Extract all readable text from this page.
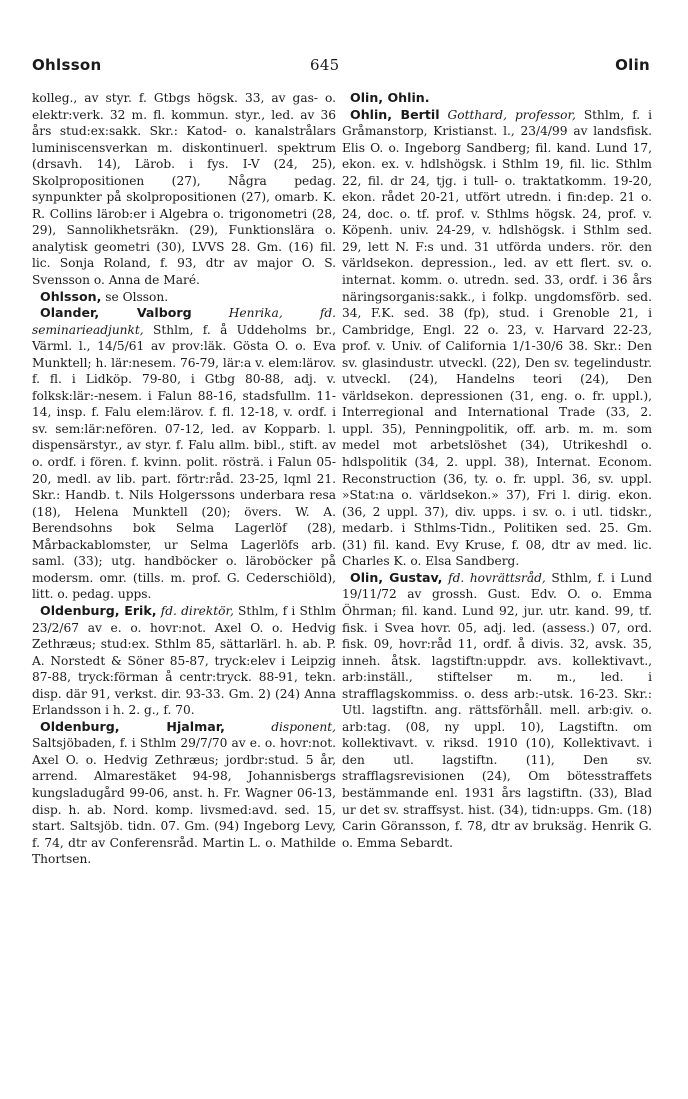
Ohlsson	645	Olin

kolleg., av styr. f. Gtbgs högsk. 33, av gas- o. elektr:verk. 32 m. fl. kommun. styr., led. av 36 års stud:ex:sakk. Skr.: Katod- o. kanalstrålars luminiscensverkan m. diskontinuerl. spektrum (drsavh. 14), Lärob. i fys. I-V (24, 25), Skolpropositionen (27), Några pedag. synpunkter på skolpropositionen (27), omarb. K. R. Collins lärob:er i Algebra o. trigonometri (28, 29), Sannolikhetsräkn. (29), Funktionslära o. analytisk geometri (30), LVVS 28. Gm. (16) fil. lic. Sonja Roland, f. 93, dtr av major O. S. Svensson o. Anna de Maré.

Ohlsson, se Olsson.

Olander, Valborg	Henrika, fd. seminarieadjunkt, Sthlm, f. å Uddeholms br., Värml. l., 14/5/61 av prov:läk. Gösta O. o. Eva Munktell; h. lär:nesem. 76-79, lär:a v. elem:lärov. f. fl. i Lidköp. 79-80, i Gtbg 80-88, adj. v. folksk:lär:-nesem. i Falun 88-16, stadsfullm. 11-14, insp. f. Falu elem:lärov. f. fl. 12-18, v. ordf. i sv. sem:lär:nefören. 07-12, led. av Kopparb. l. dispensärstyr., av styr. f. Falu allm. bibl., stift. av o. ordf. i fören. f. kvinn. polit. rösträ. i Falun 05-20, medl. av lib. part. förtr:råd. 23-25, lqml 21. Skr.: Handb. t. Nils Holgerssons underbara resa (18), Helena Munktell (20); övers. W. A. Berendsohns bok Selma Lagerlöf (28), Mårbackablomster, ur Selma Lagerlöfs arb. saml. (33); utg. handböcker o. läroböcker på modersm. omr. (tills. m. prof. G. Cederschiöld), litt. o. pedag. upps.

Oldenburg, Erik, fd. direktör, Sthlm, f i Sthlm 23/2/67 av e. o. hovr:not. Axel O. o. Hedvig Zethræus; stud:ex. Sthlm 85, sättarlärl. h. ab. P. A. Norstedt & Söner 85-87, tryck:elev i Leipzig 87-88, tryck:förman å centr:tryck. 88-91, tekn. disp. där 91, verkst. dir. 93-33. Gm. 2) (24) Anna Erlandsson i h. 2. g., f. 70.

Oldenburg, Hjalmar,	disponent, Saltsjöbaden, f. i Sthlm 29/7/70 av e. o. hovr:not. Axel O. o. Hedvig Zethræus; jordbr:stud. 5 år, arrend. Almarestäket 94-98, Johannisbergs kungsladugård 99-06, anst. h. Fr. Wagner 06-13, disp. h. ab. Nord. komp. livsmed:avd. sed. 15, start. Saltsjöb. tidn. 07. Gm. (94) Ingeborg Levy, f. 74, dtr av Conferensråd. Martin L. o. Mathilde Thortsen.

Olin, Ohlin.

Ohlin, Bertil Gotthard, professor, Sthlm, f. i Gråmanstorp, Kristianst. l., 23/4/99 av landsfisk. Elis O. o. Ingeborg Sandberg; fil. kand. Lund 17, ekon. ex. v. hdlshögsk. i Sthlm 19, fil. lic. Sthlm 22, fil. dr 24, tjg. i tull- o. traktatkomm. 19-20, ekon. rådet 20-21, utfört utredn. i fin:dep. 21 o. 24, doc. o. tf. prof. v. Sthlms högsk. 24, prof. v. Köpenh. univ. 24-29, v. hdlshögsk. i Sthlm sed. 29, lett N. F:s und. 31 utförda unders. rör. den världsekon. depression., led. av ett flert. sv. o. internat. komm. o. utredn. sed. 33, ordf. i 36 års näringsorganis:sakk., i folkp. ungdomsförb. sed. 34, F.K. sed. 38 (fp), stud. i Grenoble 21, i Cambridge, Engl. 22 o. 23, v. Harvard 22-23, prof. v. Univ. of California 1/1-30/6 38. Skr.: Den sv. glasindustr. utveckl. (22), Den sv. tegelindustr. utveckl. (24), Handelns teori (24), Den världsekon. depressionen (31, eng. o. fr. uppl.), Interregional and International Trade (33, 2. uppl. 35), Penningpolitik, off. arb. m. m. som medel mot arbetslöshet (34), Utrikeshdl o. hdlspolitik (34, 2. uppl. 38), Internat. Econom. Reconstruction (36, ty. o. fr. uppl. 36, sv. uppl. »Stat:na o. världsekon.» 37), Fri l. dirig. ekon. (36, 2 uppl. 37), div. upps. i sv. o. i utl. tidskr., medarb. i Sthlms-Tidn., Politiken sed. 25. Gm. (31) fil. kand. Evy Kruse, f. 08, dtr av med. lic. Charles K. o. Elsa Sandberg.

Olin, Gustav, fd. hovrättsråd, Sthlm, f. i Lund 19/11/72 av grossh. Gust. Edv. O. o. Emma Öhrman; fil. kand. Lund 92, jur. utr. kand. 99, tf. fisk. i Svea hovr. 05, adj. led. (assess.) 07, ord. fisk. 09, hovr:råd 11, ordf. å divis. 32, avsk. 35, inneh. åtsk. lagstiftn:uppdr. avs. kollektivavt., arb:inställ., stiftelser m. m., led. i strafflagskommiss. o. dess arb:-utsk. 16-23. Skr.: Utl. lagstiftn. ang. rättsförhåll. mell. arb:giv. o. arb:tag. (08, ny uppl. 10), Lagstiftn. om kollektivavt. v. riksd. 1910 (10), Kollektivavt. i den utl. lagstiftn. (11), Den sv. strafflagsrevisionen (24), Om bötesstraffets bestämmande enl. 1931 års lagstiftn. (33), Blad ur det sv. straffsyst. hist. (34), tidn:upps. Gm. (18) Carin Göransson, f. 78, dtr av bruksäg. Henrik G. o. Emma Sebardt.
